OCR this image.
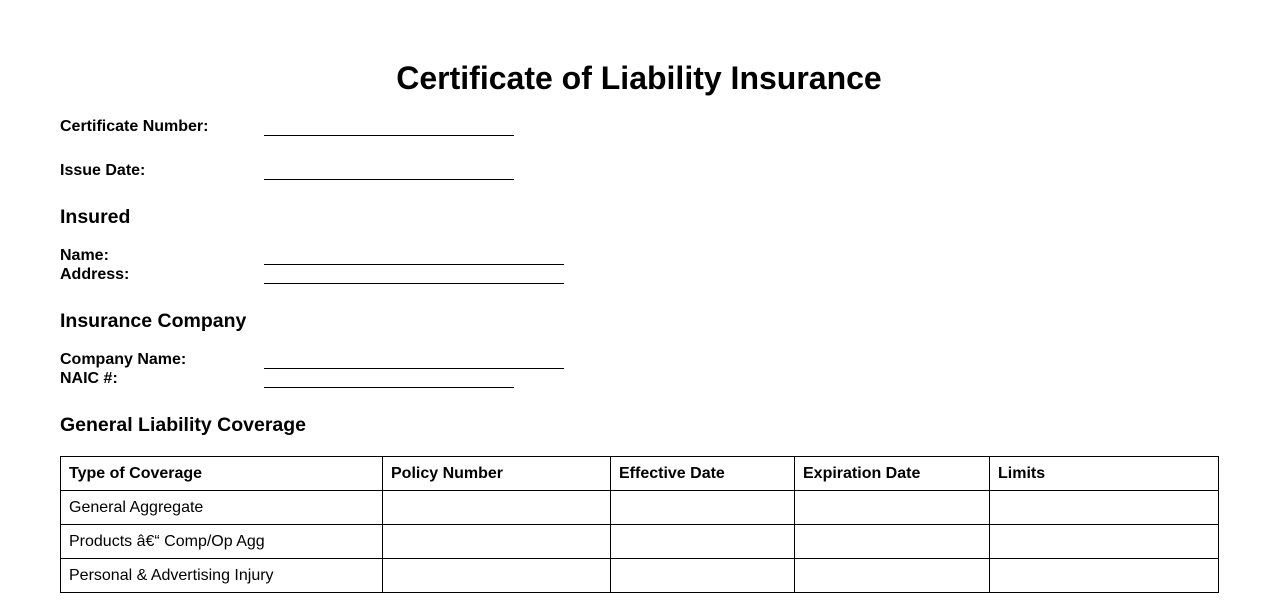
Certificate of Liability Insurance
Certificate Number:
Issue Date:
Insured
Name:
Address:
Insurance Company
Company Name:
NAIC #:
General Liability Coverage
Type of Coverage	Policy Number	Effective Date	Expiration Date	Limits
General Aggregate				
Products â€“ Comp/Op Agg				
Personal & Advertising Injury				
